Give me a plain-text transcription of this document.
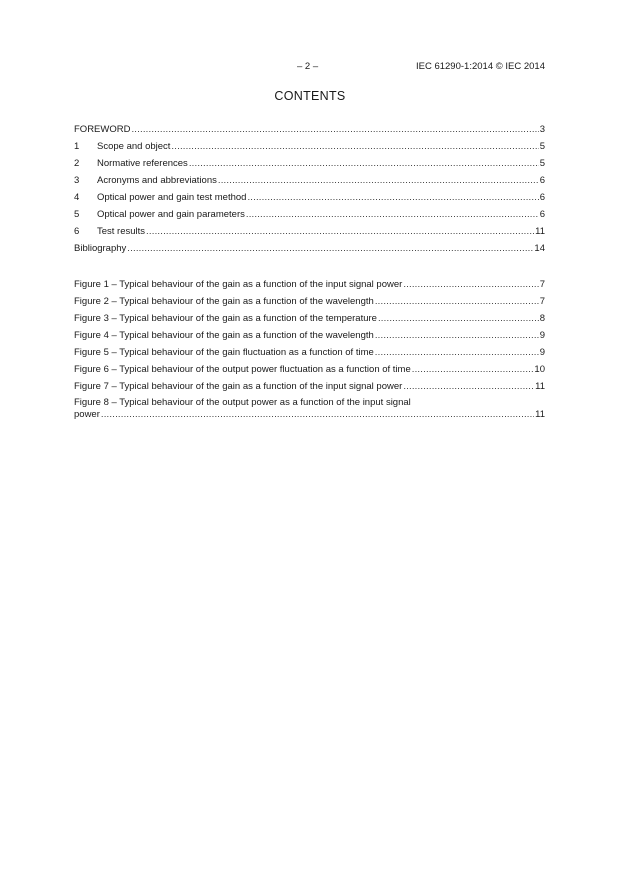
– 2 –	IEC 61290-1:2014 © IEC 2014
CONTENTS
FOREWORD .....	3
1	Scope and object .....	5
2	Normative references .....	5
3	Acronyms and abbreviations .....	6
4	Optical power and gain test method .....	6
5	Optical power and gain parameters .....	6
6	Test results .....	11
Bibliography .....	14
Figure 1 – Typical behaviour of the gain as a function of the input signal power .....	7
Figure 2 – Typical behaviour of the gain as a function of the wavelength .....	7
Figure 3 – Typical behaviour of the gain as a function of the temperature .....	8
Figure 4 – Typical behaviour of the gain as a function of the wavelength .....	9
Figure 5 – Typical behaviour of the gain fluctuation as a function of time .....	9
Figure 6 – Typical behaviour of the output power fluctuation as a function of time .....	10
Figure 7 – Typical behaviour of the gain as a function of the input signal power .....	11
Figure 8 – Typical behaviour of the output power as a function of the input signal
power .....	11
